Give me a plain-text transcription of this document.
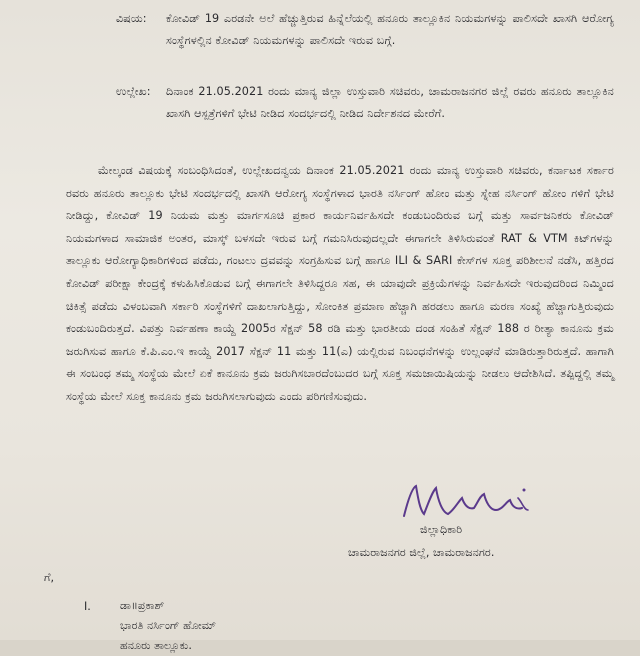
ವಿಷಯ: ಕೋವಿಡ್ 19 ಎರಡನೇ ಅಲೆ ಹೆಚ್ಚುತ್ತಿರುವ ಹಿನ್ನೆಲೆಯಲ್ಲಿ ಹನೂರು ತಾಲ್ಲೂಕಿನ ನಿಯಮಗಳನ್ನು ಪಾಲಿಸದೇ ಖಾಸಗಿ ಆರೋಗ್ಯ ಸಂಸ್ಥೆಗಳಲ್ಲಿನ ಕೋವಿಡ್ ನಿಯಮಗಳನ್ನು ಪಾಲಿಸದೇ ಇರುವ ಬಗ್ಗೆ.
ಉಲ್ಲೇಖ: ದಿನಾಂಕ 21.05.2021 ರಂದು ಮಾನ್ಯ ಜಿಲ್ಲಾ ಉಸ್ತುವಾರಿ ಸಚಿವರು, ಚಾಮರಾಜನಗರ ಜಿಲ್ಲೆ ರವರು ಹನೂರು ತಾಲ್ಲೂಕಿನ ಖಾಸಗಿ ಆಸ್ಪತ್ರೆಗಳಿಗೆ ಭೇಟಿ ನೀಡಿದ ಸಂದರ್ಭದಲ್ಲಿ ನೀಡಿದ ನಿರ್ದೇಶನದ ಮೇರೆಗೆ.
ಮೇಲ್ಕಂಡ ವಿಷಯಕ್ಕೆ ಸಂಬಂಧಿಸಿದಂತೆ, ಉಲ್ಲೇಖದನ್ವಯ ದಿನಾಂಕ 21.05.2021 ರಂದು ಮಾನ್ಯ ಉಸ್ತುವಾರಿ ಸಚಿವರು, ಕರ್ನಾಟಕ ಸರ್ಕಾರ ರವರು ಹನೂರು ತಾಲ್ಲೂಕು ಭೇಟಿ ಸಂದರ್ಭದಲ್ಲಿ ಖಾಸಗಿ ಆರೋಗ್ಯ ಸಂಸ್ಥೆಗಳಾದ ಭಾರತಿ ನರ್ಸಿಂಗ್ ಹೋಂ ಮತ್ತು ಸ್ನೇಹ ನರ್ಸಿಂಗ್ ಹೋಂ ಗಳಿಗೆ ಭೇಟಿ ನೀಡಿದ್ದು, ಕೋವಿಡ್ 19 ನಿಯಮ ಮತ್ತು ಮಾರ್ಗಸೂಚಿ ಪ್ರಕಾರ ಕಾರ್ಯನಿರ್ವಹಿಸದೇ ಕಂಡುಬಂದಿರುವ ಬಗ್ಗೆ ಮತ್ತು ಸಾರ್ವಜನಿಕರು ಕೋವಿಡ್ ನಿಯಮಗಳಾದ ಸಾಮಾಜಿಕ ಅಂತರ, ಮಾಸ್ಕ್ ಬಳಸದೇ ಇರುವ ಬಗ್ಗೆ ಗಮನಿಸಿರುವುದಲ್ಲದೇ ಈಗಾಗಲೇ ತಿಳಿಸಿರುವಂತೆ RAT & VTM ಕಿಟ್‌ಗಳನ್ನು ತಾಲ್ಲೂಕು ಆರೋಗ್ಯಾಧಿಕಾರಿಗಳಿಂದ ಪಡೆದು, ಗಂಟಲು ದ್ರವವನ್ನು ಸಂಗ್ರಹಿಸುವ ಬಗ್ಗೆ ಹಾಗೂ ILI & SARI ಕೇಸ್‌ಗಳ ಸೂಕ್ತ ಪರಿಶೀಲನೆ ನಡೆಸಿ, ಹತ್ತಿರದ ಕೋವಿಡ್ ಪರೀಕ್ಷಾ ಕೇಂದ್ರಕ್ಕೆ ಕಳುಹಿಸಿಕೊಡುವ ಬಗ್ಗೆ ಈಗಾಗಲೇ ತಿಳಿಸಿದ್ದರೂ ಸಹ, ಈ ಯಾವುದೇ ಪ್ರಕ್ರಿಯೆಗಳನ್ನು ನಿರ್ವಹಿಸದೇ ಇರುವುದರಿಂದ ನಿಮ್ಮಿಂದ ಚಿಕಿತ್ಸೆ ಪಡೆದು ವಿಳಂಬವಾಗಿ ಸರ್ಕಾರಿ ಸಂಸ್ಥೆಗಳಿಗೆ ದಾಖಲಾಗುತ್ತಿದ್ದು, ಸೋಂಕಿತ ಪ್ರಮಾಣ ಹೆಚ್ಚಾಗಿ ಹರಡಲು ಹಾಗೂ ಮರಣ ಸಂಖ್ಯೆ ಹೆಚ್ಚಾಗುತ್ತಿರುವುದು ಕಂಡುಬಂದಿರುತ್ತದೆ. ವಿಪತ್ತು ನಿರ್ವಹಣಾ ಕಾಯ್ದೆ 2005ರ ಸೆಕ್ಷನ್ 58 ರಡಿ ಮತ್ತು ಭಾರತೀಯ ದಂಡ ಸಂಹಿತೆ ಸೆಕ್ಷನ್ 188 ರ ರೀತ್ಯಾ ಕಾನೂನು ಕ್ರಮ ಜರುಗಿಸುವ ಹಾಗೂ ಕೆ.ಪಿ.ಎಂ.ಇ ಕಾಯ್ದೆ 2017 ಸೆಕ್ಷನ್ 11 ಮತ್ತು 11(ಎ) ಯಲ್ಲಿರುವ ನಿಬಂಧನೆಗಳನ್ನು ಉಲ್ಲಂಘನೆ ಮಾಡಿರುತ್ತಾರಿರುತ್ತದೆ. ಹಾಗಾಗಿ ಈ ಸಂಬಂಧ ತಮ್ಮ ಸಂಸ್ಥೆಯ ಮೇಲೆ ಏಕೆ ಕಾನೂನು ಕ್ರಮ ಜರುಗಿಸಬಾರದೆಂಬುದರ ಬಗ್ಗೆ ಸೂಕ್ತ ಸಮಜಾಯಿಷಿಯನ್ನು ನೀಡಲು ಆದೇಶಿಸಿದೆ. ತಪ್ಪಿದ್ದಲ್ಲಿ ತಮ್ಮ ಸಂಸ್ಥೆಯ ಮೇಲೆ ಸೂಕ್ತ ಕಾನೂನು ಕ್ರಮ ಜರುಗಿಸಲಾಗುವುದು ಎಂದು ಪರಿಗಣಿಸುವುದು.
ಜಿಲ್ಲಾಧಿಕಾರಿ
ಚಾಮರಾಜನಗರ ಜಿಲ್ಲೆ, ಚಾಮರಾಜನಗರ.
ಗೆ,
I.	ಡಾ॥ಪ್ರಕಾಶ್
ಭಾರತಿ ನರ್ಸಿಂಗ್ ಹೋಮ್
ಹನೂರು ತಾಲ್ಲೂಕು.
